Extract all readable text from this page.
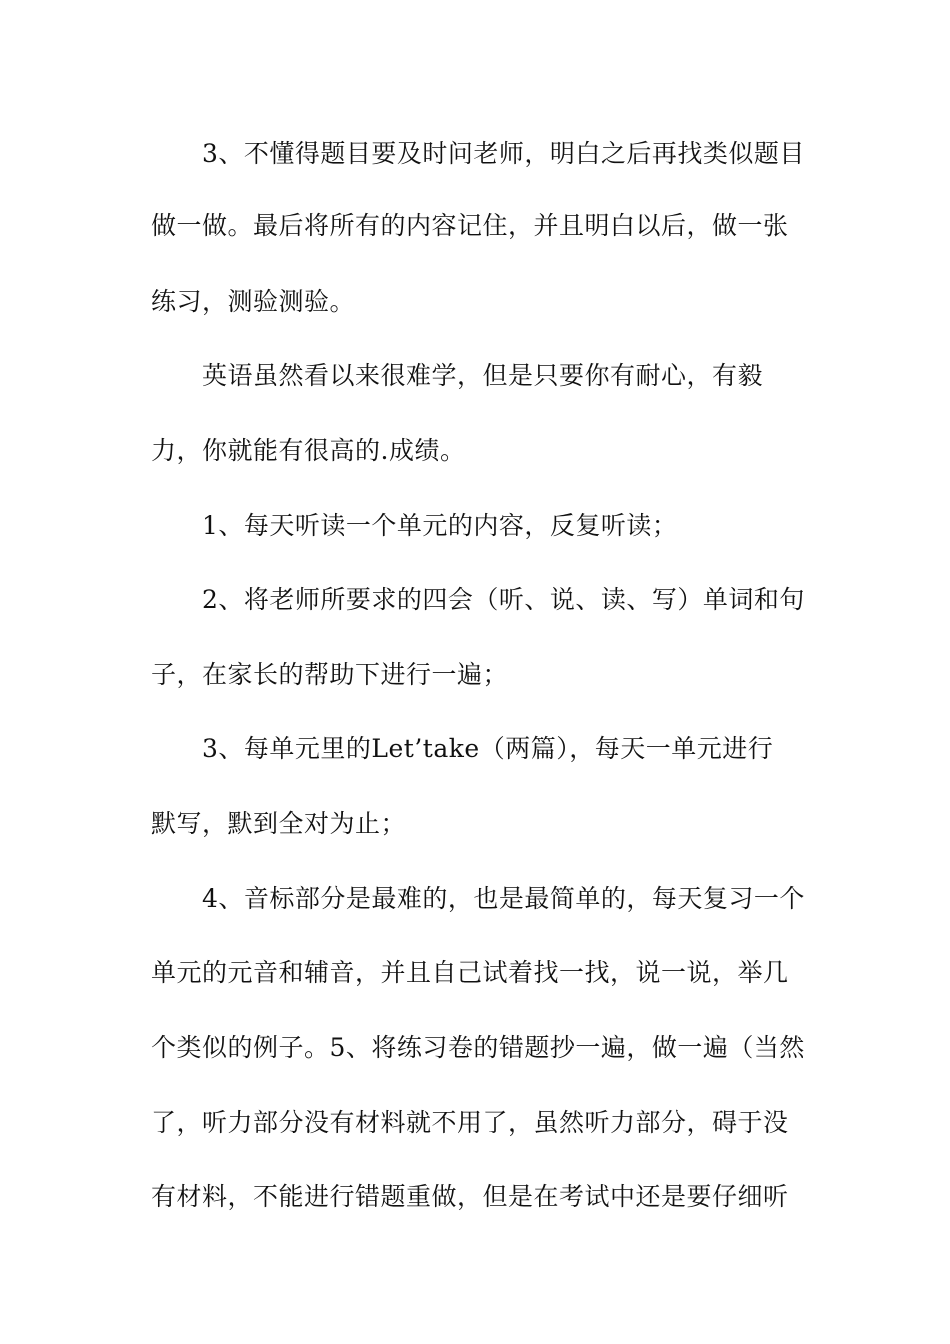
3、不懂得题目要及时问老师，明白之后再找类似题目
做一做。最后将所有的内容记住，并且明白以后，做一张
练习，测验测验。
英语虽然看以来很难学，但是只要你有耐心，有毅
力，你就能有很高的.成绩。
1、每天听读一个单元的内容，反复听读；
2、将老师所要求的四会（听、说、读、写）单词和句
子，在家长的帮助下进行一遍；
3、每单元里的Let’take（两篇），每天一单元进行
默写，默到全对为止；
4、音标部分是最难的，也是最简单的，每天复习一个
单元的元音和辅音，并且自己试着找一找，说一说，举几
个类似的例子。5、将练习卷的错题抄一遍，做一遍（当然
了，听力部分没有材料就不用了，虽然听力部分，碍于没
有材料，不能进行错题重做，但是在考试中还是要仔细听
